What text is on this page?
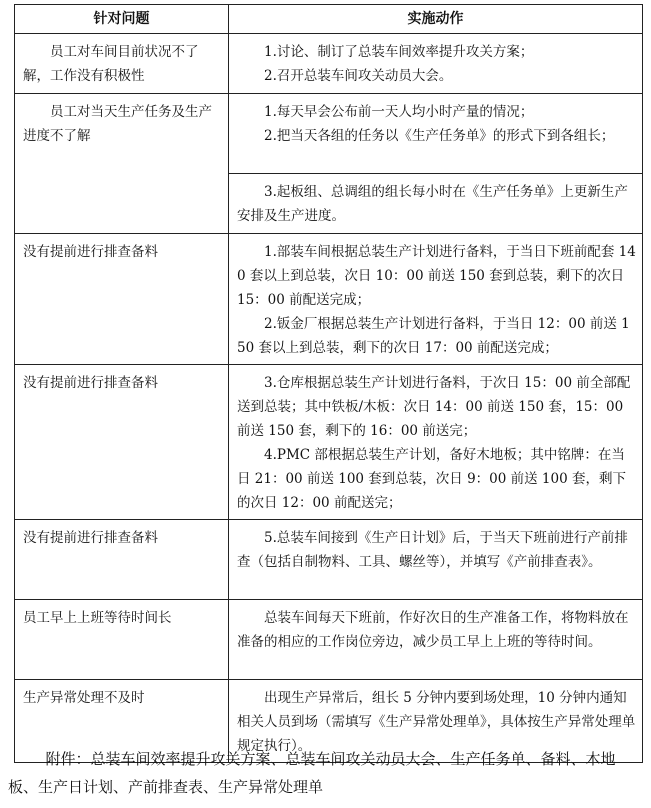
针对问题	实施动作

员工对车间目前状况不了解，工作没有积极性	1.讨论、制订了总装车间效率提升攻关方案；
2.召开总装车间攻关动员大会。

员工对当天生产任务及生产进度不了解	1.每天早会公布前一天人均小时产量的情况；
2.把当天各组的任务以《生产任务单》的形式下到各组长；

	3.起板组、总调组的组长每小时在《生产任务单》上更新生产安排及生产进度。

没有提前进行排查备料	1.部装车间根据总装生产计划进行备料，于当日下班前配套 140 套以上到总装，次日 10：00 前送 150 套到总装，剩下的次日 15：00 前配送完成；
2.钣金厂根据总装生产计划进行备料，于当日 12：00 前送 150 套以上到总装，剩下的次日 17：00 前配送完成；

没有提前进行排查备料	3.仓库根据总装生产计划进行备料，于次日 15：00 前全部配送到总装；其中铁板/木板：次日 14：00 前送 150 套，15：00 前送 150 套，剩下的 16：00 前送完；
4.PMC 部根据总装生产计划，备好木地板；其中铭牌：在当日 21：00 前送 100 套到总装，次日 9：00 前送 100 套，剩下的次日 12：00 前配送完；

没有提前进行排查备料	5.总装车间接到《生产日计划》后，于当天下班前进行产前排查（包括自制物料、工具、螺丝等），并填写《产前排查表》。

员工早上上班等待时间长	总装车间每天下班前，作好次日的生产准备工作，将物料放在准备的相应的工作岗位旁边，减少员工早上上班的等待时间。

生产异常处理不及时	出现生产异常后，组长 5 分钟内要到场处理，10 分钟内通知相关人员到场（需填写《生产异常处理单》，具体按生产异常处理单规定执行）。
附件：总装车间效率提升攻关方案、总装车间攻关动员大会、生产任务单、备料、木地板、生产日计划、产前排查表、生产异常处理单
